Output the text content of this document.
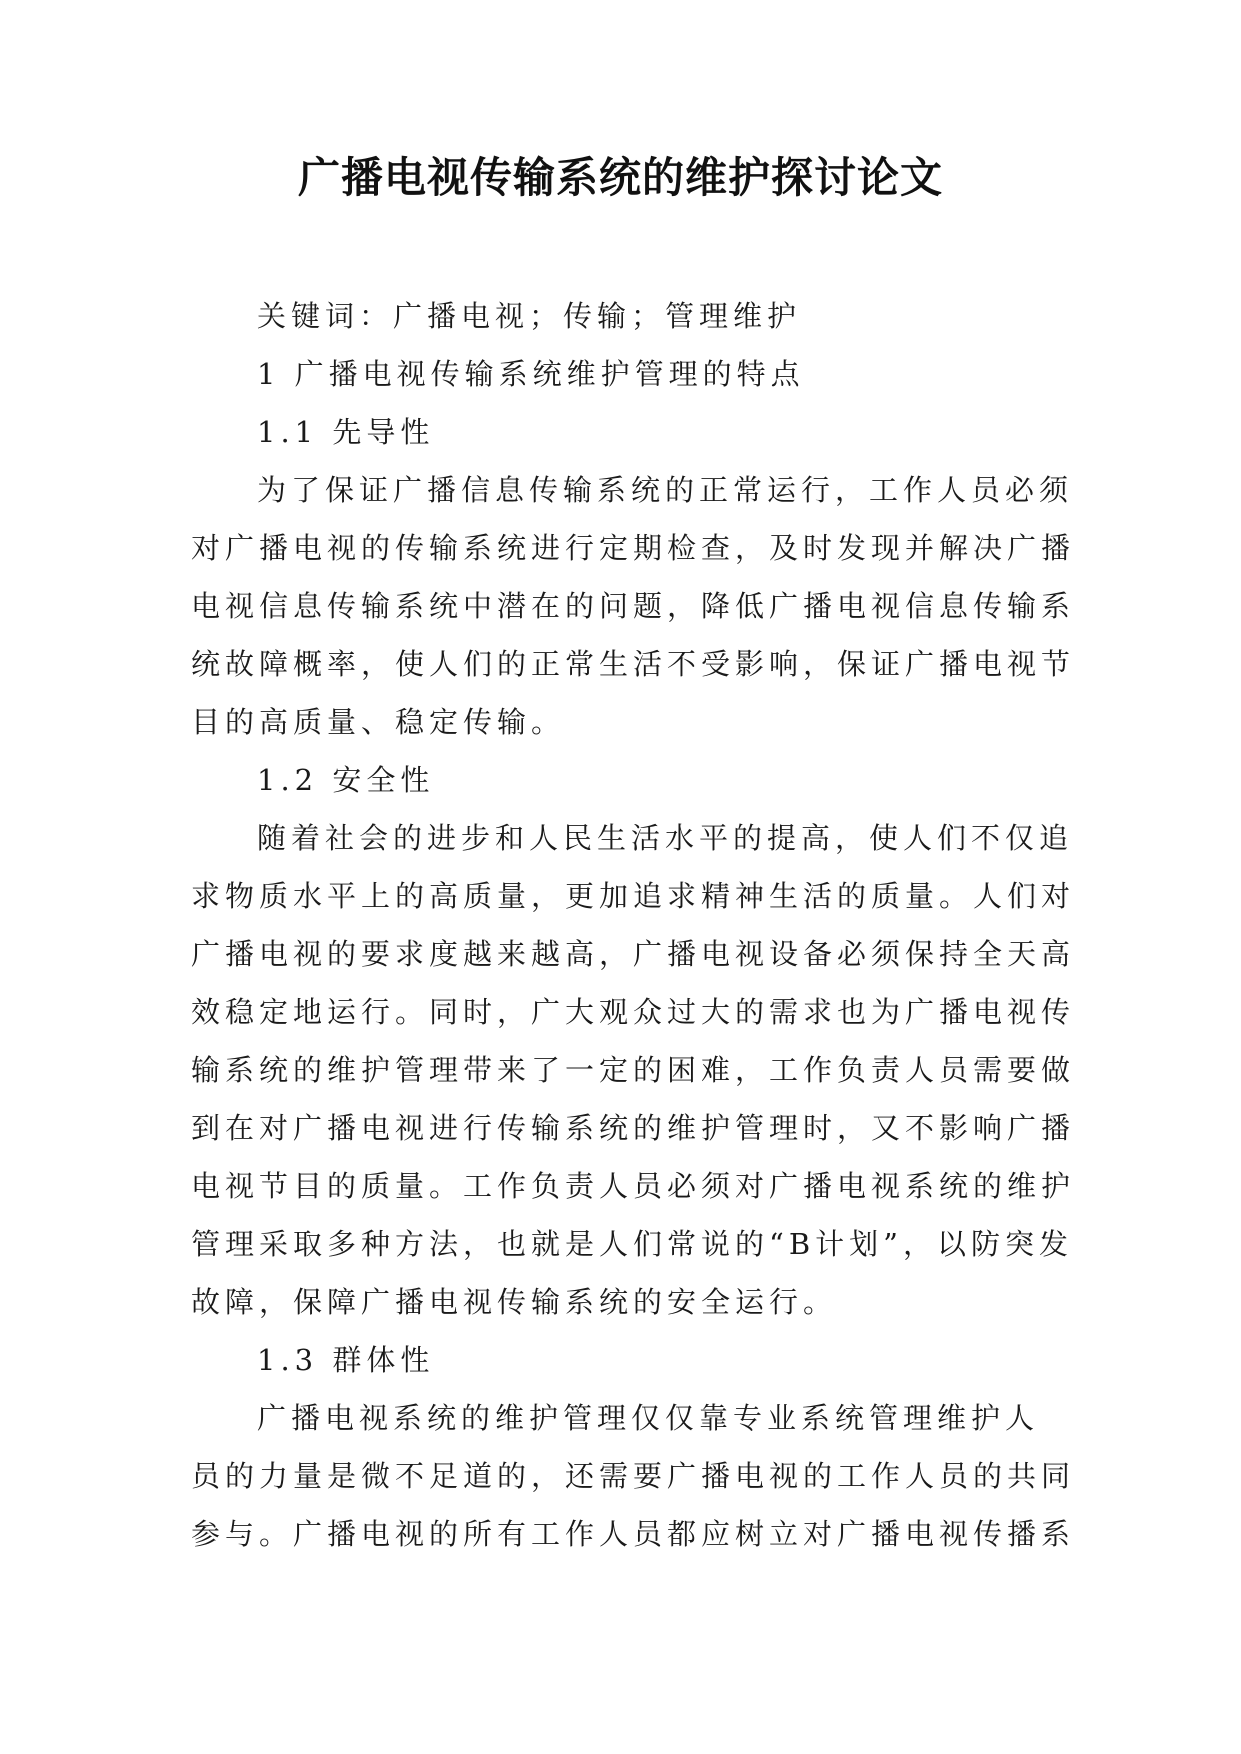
广播电视传输系统的维护探讨论文
关键词：广播电视；传输；管理维护
1 广播电视传输系统维护管理的特点
1.1 先导性
为了保证广播信息传输系统的正常运行，工作人员必须
对广播电视的传输系统进行定期检查，及时发现并解决广播
电视信息传输系统中潜在的问题，降低广播电视信息传输系
统故障概率，使人们的正常生活不受影响，保证广播电视节
目的高质量、稳定传输。
1.2 安全性
随着社会的进步和人民生活水平的提高，使人们不仅追
求物质水平上的高质量，更加追求精神生活的质量。人们对
广播电视的要求度越来越高，广播电视设备必须保持全天高
效稳定地运行。同时，广大观众过大的需求也为广播电视传
输系统的维护管理带来了一定的困难，工作负责人员需要做
到在对广播电视进行传输系统的维护管理时，又不影响广播
电视节目的质量。工作负责人员必须对广播电视系统的维护
管理采取多种方法，也就是人们常说的“B计划”，以防突发
故障，保障广播电视传输系统的安全运行。
1.3 群体性
广播电视系统的维护管理仅仅靠专业系统管理维护人
员的力量是微不足道的，还需要广播电视的工作人员的共同
参与。广播电视的所有工作人员都应树立对广播电视传播系
